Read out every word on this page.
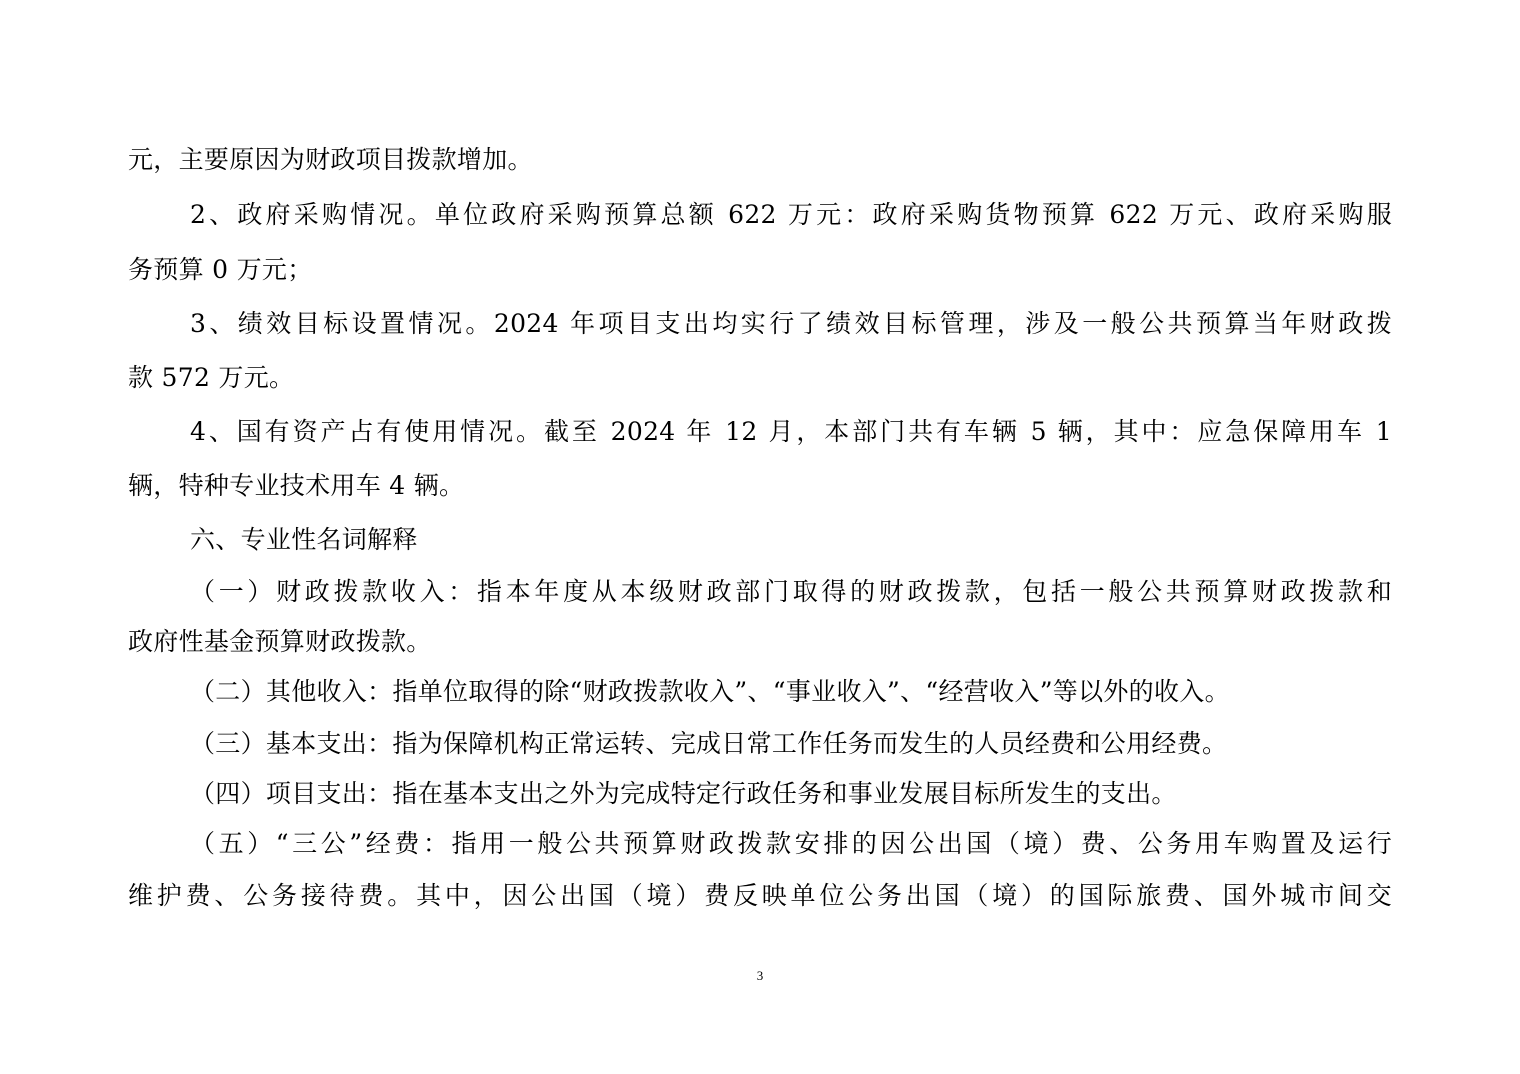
元，主要原因为财政项目拨款增加。
2、政府采购情况。单位政府采购预算总额 622 万元：政府采购货物预算 622 万元、政府采购服
务预算 0 万元；
3、绩效目标设置情况。2024 年项目支出均实行了绩效目标管理，涉及一般公共预算当年财政拨
款 572 万元。
4、国有资产占有使用情况。截至 2024 年 12 月，本部门共有车辆 5 辆，其中：应急保障用车 1
辆，特种专业技术用车 4 辆。
六、专业性名词解释
（一）财政拨款收入：指本年度从本级财政部门取得的财政拨款，包括一般公共预算财政拨款和
政府性基金预算财政拨款。
（二）其他收入：指单位取得的除“财政拨款收入”、“事业收入”、“经营收入”等以外的收入。
（三）基本支出：指为保障机构正常运转、完成日常工作任务而发生的人员经费和公用经费。
（四）项目支出：指在基本支出之外为完成特定行政任务和事业发展目标所发生的支出。
（五）“三公”经费：指用一般公共预算财政拨款安排的因公出国（境）费、公务用车购置及运行
维护费、公务接待费。其中，因公出国（境）费反映单位公务出国（境）的国际旅费、国外城市间交
3
